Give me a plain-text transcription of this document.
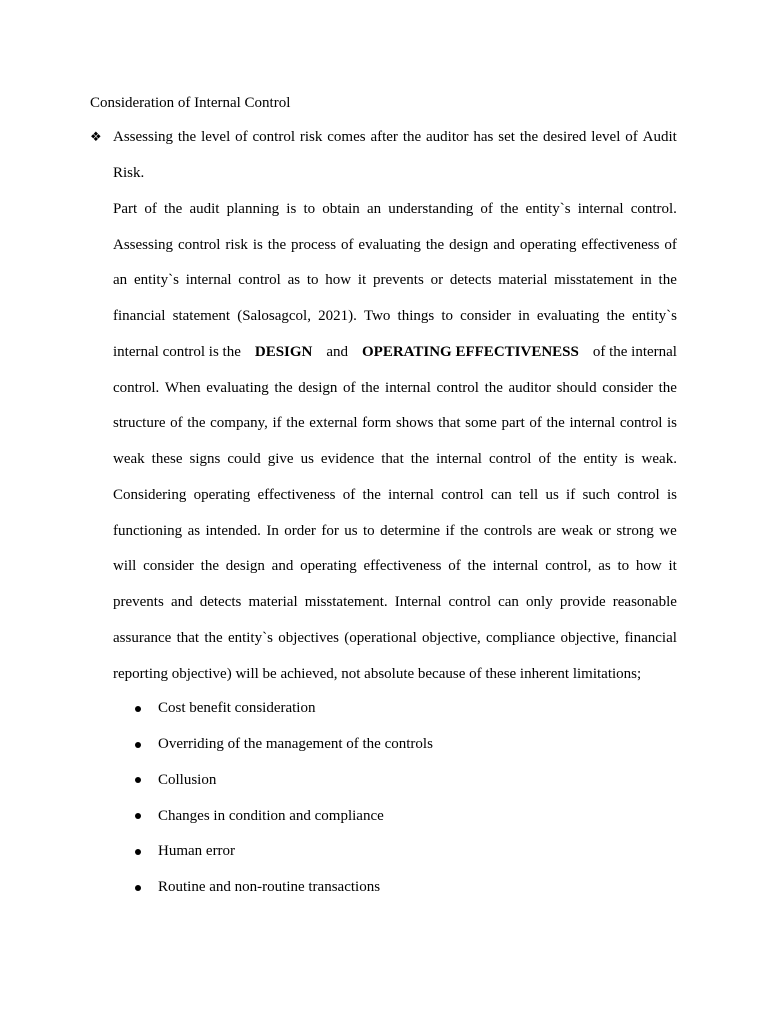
Consideration of Internal Control
❖ Assessing the level of control risk comes after the auditor has set the desired level of Audit
Risk.
Part of the audit planning is to obtain an understanding of the entity`s internal control.
Assessing control risk is the process of evaluating the design and operating effectiveness of
an entity`s internal control as to how it prevents or detects material misstatement in the
financial statement (Salosagcol, 2021). Two things to consider in evaluating the entity`s
internal control is the DESIGN and OPERATING EFFECTIVENESS of the internal
control. When evaluating the design of the internal control the auditor should consider the
structure of the company, if the external form shows that some part of the internal control is
weak these signs could give us evidence that the internal control of the entity is weak.
Considering operating effectiveness of the internal control can tell us if such control is
functioning as intended. In order for us to determine if the controls are weak or strong we
will consider the design and operating effectiveness of the internal control, as to how it
prevents and detects material misstatement. Internal control can only provide reasonable
assurance that the entity`s objectives (operational objective, compliance objective, financial
reporting objective) will be achieved, not absolute because of these inherent limitations;
Cost benefit consideration
Overriding of the management of the controls
Collusion
Changes in condition and compliance
Human error
Routine and non-routine transactions
